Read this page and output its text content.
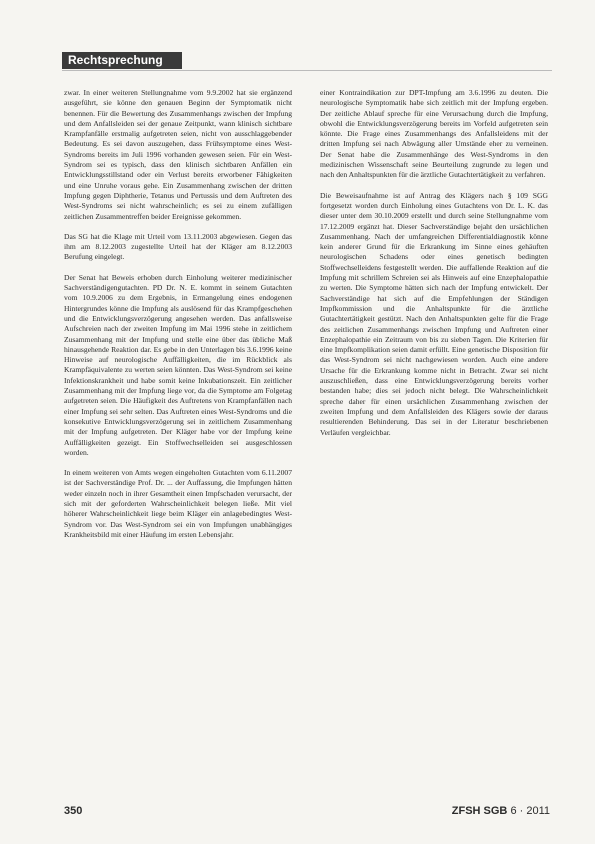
Rechtsprechung

zwar. In einer weiteren Stellungnahme vom 9.9.2002 hat sie ergänzend ausgeführt, sie könne den genauen Beginn der Symptomatik nicht benennen. Für die Bewertung des Zusammenhangs zwischen der Impfung und dem Anfallsleiden sei der genaue Zeitpunkt, wann klinisch sichtbare Krampfanfälle erstmalig aufgetreten seien, nicht von ausschlaggebender Bedeutung. Es sei davon auszugehen, dass Frühsymptome eines West-Syndroms bereits im Juli 1996 vorhanden gewesen seien. Für ein West-Syndrom sei es typisch, dass den klinisch sichtbaren Anfällen ein Entwicklungsstillstand oder ein Verlust bereits erworbener Fähigkeiten und eine Unruhe voraus gehe. Ein Zusammenhang zwischen der dritten Impfung gegen Diphtherie, Tetanus und Pertussis und dem Auftreten des West-Syndroms sei nicht wahrscheinlich; es sei zu einem zufälligen zeitlichen Zusammentreffen beider Ereignisse gekommen.

Das SG hat die Klage mit Urteil vom 13.11.2003 abgewiesen. Gegen das ihm am 8.12.2003 zugestellte Urteil hat der Kläger am 8.12.2003 Berufung eingelegt.

Der Senat hat Beweis erhoben durch Einholung weiterer medizinischer Sachverständigengutachten. PD Dr. N. E. kommt in seinem Gutachten vom 10.9.2006 zu dem Ergebnis, in Ermangelung eines endogenen Hintergrundes könne die Impfung als auslösend für das Krampfgeschehen und die Entwicklungsverzögerung angesehen werden. Das anfallsweise Aufschreien nach der zweiten Impfung im Mai 1996 stehe in zeitlichem Zusammenhang mit der Impfung und stelle eine über das übliche Maß hinausgehende Reaktion dar. Es gebe in den Unterlagen bis 3.6.1996 keine Hinweise auf neurologische Auffälligkeiten, die im Rückblick als Krampfäquivalente zu werten seien könnten. Das West-Syndrom sei keine Infektionskrankheit und habe somit keine Inkubationszeit. Ein zeitlicher Zusammenhang mit der Impfung liege vor, da die Symptome am Folgetag aufgetreten seien. Die Häufigkeit des Auftretens von Krampfanfällen nach einer Impfung sei sehr selten. Das Auftreten eines West-Syndroms und die konsekutive Entwicklungsverzögerung sei in zeitlichem Zusammenhang mit der Impfung aufgetreten. Der Kläger habe vor der Impfung keine Auffälligkeiten gezeigt. Ein Stoffwechselleiden sei ausgeschlossen worden.

In einem weiteren von Amts wegen eingeholten Gutachten vom 6.11.2007 ist der Sachverständige Prof. Dr. ... der Auffassung, die Impfungen hätten weder einzeln noch in ihrer Gesamtheit einen Impfschaden verursacht, der sich mit der geforderten Wahrscheinlichkeit belegen ließe. Mit viel höherer Wahrscheinlichkeit liege beim Kläger ein anlagebedingtes West-Syndrom vor. Das West-Syndrom sei ein von Impfungen unabhängiges Krankheitsbild mit einer Häufung im ersten Lebensjahr.

einer Kontraindikation zur DPT-Impfung am 3.6.1996 zu deuten. Die neurologische Symptomatik habe sich zeitlich mit der Impfung ergeben. Der zeitliche Ablauf spreche für eine Verursachung durch die Impfung, obwohl die Entwicklungsverzögerung bereits im Vorfeld aufgetreten sein könnte. Die Frage eines Zusammenhangs des Anfallsleidens mit der dritten Impfung sei nach Abwägung aller Umstände eher zu verneinen. Der Senat habe die Zusammenhänge des West-Syndroms in den medizinischen Wissenschaft seine Beurteilung zugrunde zu legen und nach den Anhaltspunkten für die ärztliche Gutachtertätigkeit zu verfahren.

Die Beweisaufnahme ist auf Antrag des Klägers nach § 109 SGG fortgesetzt worden durch Einholung eines Gutachtens von Dr. L. K. das dieser unter dem 30.10.2009 erstellt und durch seine Stellungnahme vom 17.12.2009 ergänzt hat. Dieser Sachverständige bejaht den ursächlichen Zusammenhang. Nach der umfangreichen Differentialdiagnostik könne kein anderer Grund für die Erkrankung im Sinne eines gehäuften neurologischen Schadens oder eines genetisch bedingten Stoffwechselleidens festgestellt werden. Die auffallende Reaktion auf die Impfung mit schrillem Schreien sei als Hinweis auf eine Enzephalopathie zu werten. Die Symptome hätten sich nach der Impfung entwickelt. Der Sachverständige hat sich auf die Empfehlungen der Ständigen Impfkommission und die Anhaltspunkte für die ärztliche Gutachtertätigkeit gestützt. Nach den Anhaltspunkten gelte für die Frage des zeitlichen Zusammenhangs zwischen Impfung und Auftreten einer Enzephalopathie ein Zeitraum von bis zu sieben Tagen. Die Kriterien für eine Impfkomplikation seien damit erfüllt. Eine genetische Disposition für das West-Syndrom sei nicht nachgewiesen worden. Auch eine andere Ursache für die Erkrankung komme nicht in Betracht. Zwar sei nicht auszuschließen, dass eine Entwicklungsverzögerung bereits vorher bestanden habe; dies sei jedoch nicht belegt. Die Wahrscheinlichkeit spreche daher für einen ursächlichen Zusammenhang zwischen der zweiten Impfung und dem Anfallsleiden des Klägers sowie der daraus resultierenden Behinderung. Das sei in der Literatur beschriebenen Verläufen vergleichbar.

350	ZFSH SGB 6 · 2011
